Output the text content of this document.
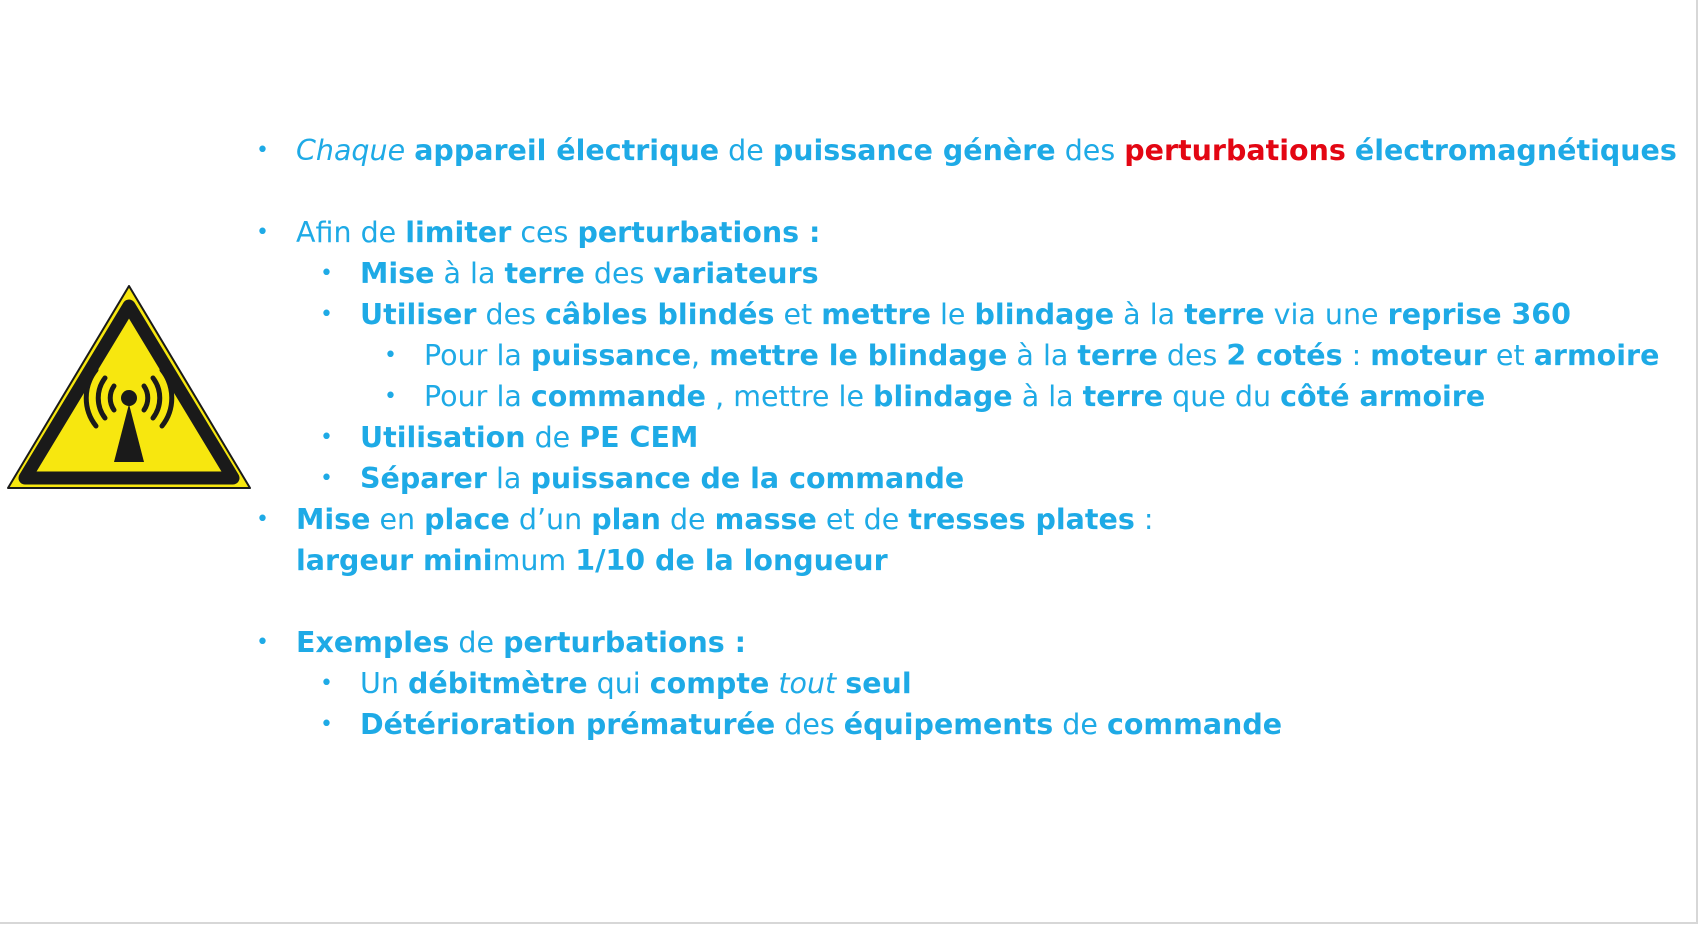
• Chaque appareil électrique de puissance génère des perturbations électromagnétiques
• Afin de limiter ces perturbations :
• Mise à la terre des variateurs
• Utiliser des câbles blindés et mettre le blindage à la terre via une reprise 360
• Pour la puissance, mettre le blindage à la terre des 2 cotés : moteur et armoire
• Pour la commande , mettre le blindage à la terre que du côté armoire
• Utilisation de PE CEM
• Séparer la puissance de la commande
• Mise en place d’un plan de masse et de tresses plates :
largeur minimum 1/10 de la longueur
• Exemples de perturbations :
• Un débitmètre qui compte tout seul
• Détérioration prématurée des équipements de commande
